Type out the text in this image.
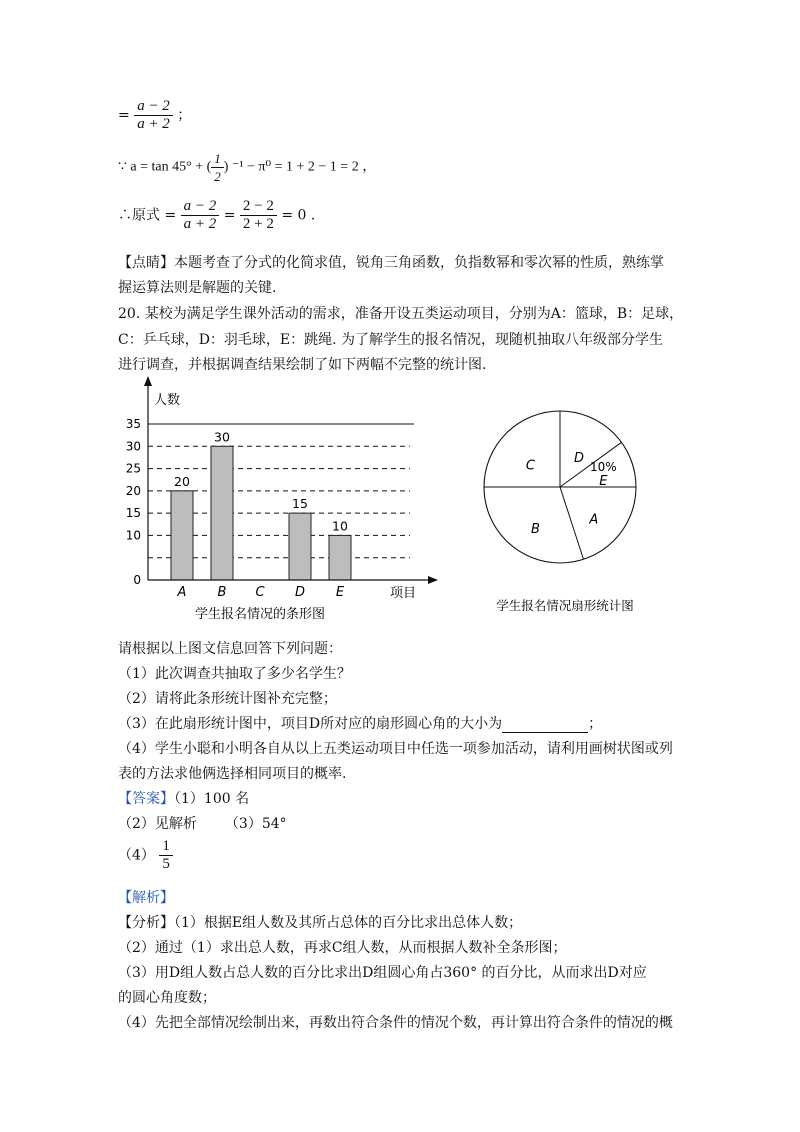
= $\frac{a - 2}{a + 2}$ ；
∵ a = tan 45° + ( $\frac{1}{2}$ ) ⁻¹ − π⁰ = 1 + 2 − 1 = 2 ，
∴原式 = $\frac{a - 2}{a + 2} = \frac{2 - 2}{2 + 2} = 0$ .
【点睛】本题考查了分式的化简求值，锐角三角函数，负指数幂和零次幂的性质，熟练掌
握运算法则是解题的关键.
20. 某校为满足学生课外活动的需求，准备开设五类运动项目，分别为A：篮球，B：足球，
C：乒乓球，D：羽毛球，E：跳绳. 为了解学生的报名情况，现随机抽取八年级部分学生
进行调查，并根据调查结果绘制了如下两幅不完整的统计图.
0
10
15
20
25
30
35
20
30
15
10
A B C D E
人数
项目
学生报名情况的条形图
D
E
10%
A
B
C
学生报名情况扇形统计图
请根据以上图文信息回答下列问题：
（1）此次调查共抽取了多少名学生？
（2）请将此条形统计图补充完整；
（3）在此扇形统计图中，项目D所对应的扇形圆心角的大小为	；
（4）学生小聪和小明各自从以上五类运动项目中任选一项参加活动，请利用画树状图或列
表的方法求他俩选择相同项目的概率.
【答案】（1）100 名
（2）见解析 （3）54°
$(4) \frac{1}{5}$
【解析】
【分析】（1）根据E组人数及其所占总体的百分比求出总体人数；
（2）通过（1）求出总人数，再求C组人数，从而根据人数补全条形图；
（3）用D组人数占总人数的百分比求出D组圆心角占360° 的百分比，从而求出D对应
的圆心角度数；
（4）先把全部情况绘制出来，再数出符合条件的情况个数，再计算出符合条件的情况的概
